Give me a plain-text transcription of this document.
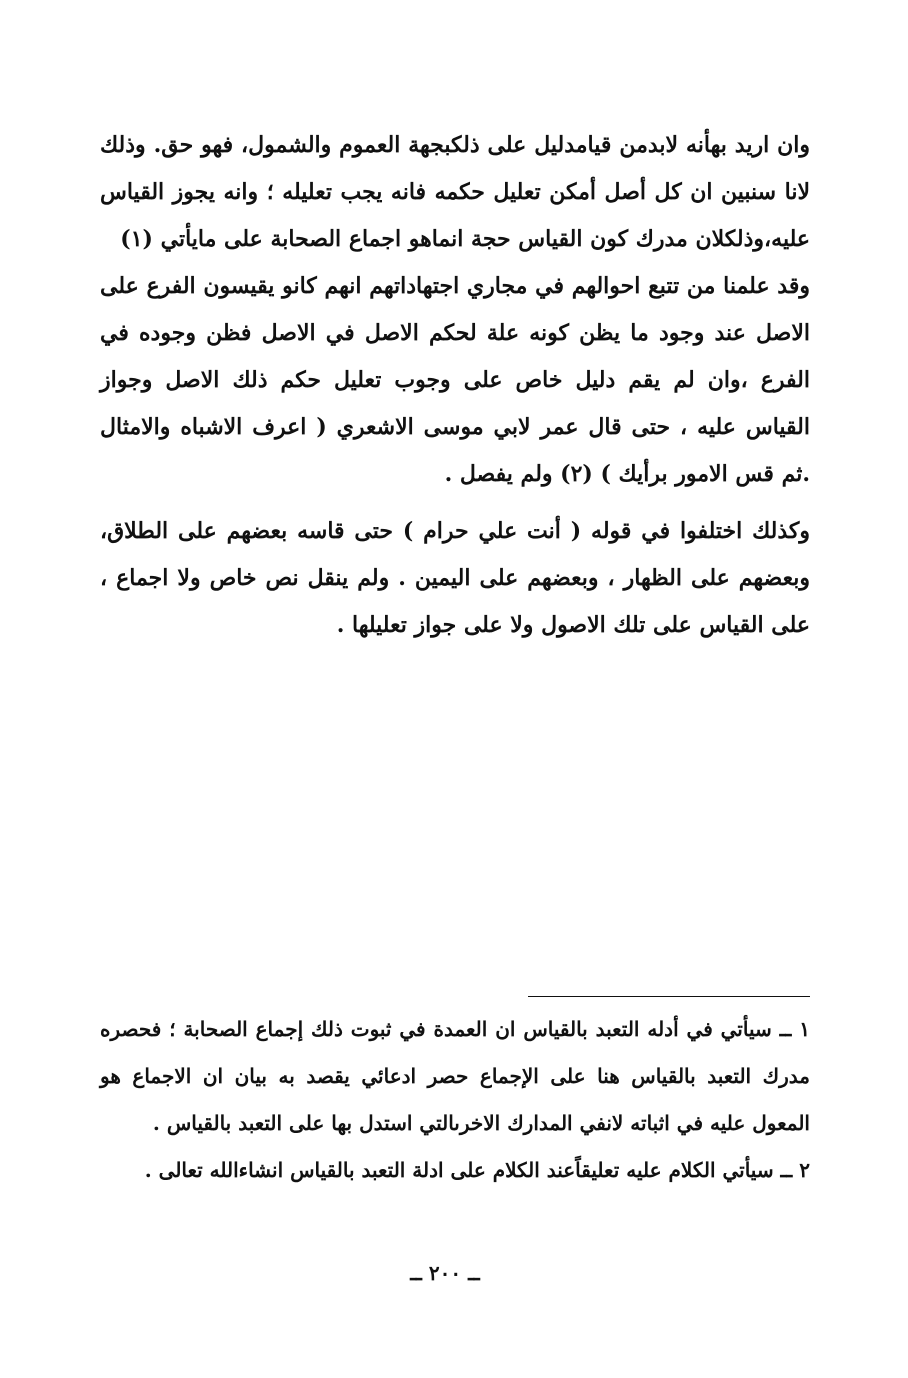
وان اريد بهأنه لابدمن قيامدليل على ذلكبجهة العموم والشمول، فهو حق. وذلك لانا سنبين ان كل أصل أمكن تعليل حكمه فانه يجب تعليله ؛ وانه يجوز القياس عليه،وذلكلان مدرك كون القياس حجة انماهو اجماع الصحابة على مايأتي (١)

وقد علمنا من تتبع احوالهم في مجاري اجتهاداتهم انهم كانو يقيسون الفرع على الاصل عند وجود ما يظن كونه علة لحكم الاصل في الاصل فظن وجوده في الفرع ،وان لم يقم دليل خاص على وجوب تعليل حكم ذلك الاصل وجواز القياس عليه ، حتى قال عمر لابي موسى الاشعري ( اعرف الاشباه والامثال .ثم قس الامور برأيك ) (٢) ولم يفصل .

وكذلك اختلفوا في قوله ( أنت علي حرام ) حتى قاسه بعضهم على الطلاق، وبعضهم على الظهار ، وبعضهم على اليمين . ولم ينقل نص خاص ولا اجماع ، على القياس على تلك الاصول ولا على جواز تعليلها .

١ ــ سيأتي في أدله التعبد بالقياس ان العمدة في ثبوت ذلك إجماع الصحابة ؛ فحصره مدرك التعبد بالقياس هنا على الإجماع حصر ادعائي يقصد به بيان ان الاجماع هو المعول عليه في اثباته لانفي المدارك الاخرىالتي استدل بها على التعبد بالقياس .

٢ ــ سيأتي الكلام عليه تعليقاًعند الكلام على ادلة التعبد بالقياس انشاءالله تعالى .

ــ ٢٠٠ ــ
